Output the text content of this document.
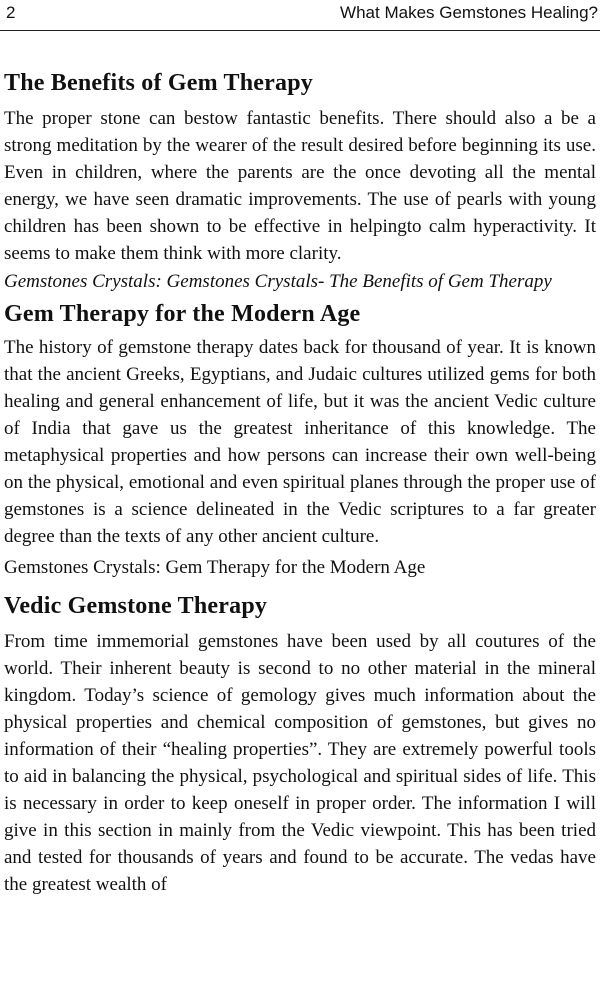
2	What Makes Gemstones Healing?
The Benefits of Gem Therapy

The proper stone can bestow fantastic benefits. There should also a be a strong meditation by the wearer of the result desired before beginning its use. Even in children, where the parents are the once devoting all the mental energy, we have seen dramatic improvements. The use of pearls with young children has been shown to be effective in helpingto calm hyperactivity. It seems to make them think with more clarity.

Gemstones Crystals: Gemstones Crystals- The Benefits of Gem Therapy

Gem Therapy for the Modern Age

The history of gemstone therapy dates back for thousand of year. It is known that the ancient Greeks, Egyptians, and Judaic cultures utilized gems for both healing and general enhancement of life, but it was the ancient Vedic culture of India that gave us the greatest inheritance of this knowledge. The metaphysical properties and how persons can increase their own well-being on the physical, emotional and even spiritual planes through the proper use of gemstones is a science delineated in the Vedic scriptures to a far greater degree than the texts of any other ancient culture.

Gemstones Crystals: Gem Therapy for the Modern Age

Vedic Gemstone Therapy

From time immemorial gemstones have been used by all coutures of the world. Their inherent beauty is second to no other material in the mineral kingdom. Today’s science of gemology gives much information about the physical properties and chemical composition of gemstones, but gives no information of their “healing properties”. They are extremely powerful tools to aid in balancing the physical, psychological and spiritual sides of life. This is necessary in order to keep oneself in proper order. The information I will give in this section in mainly from the Vedic viewpoint. This has been tried and tested for thousands of years and found to be accurate. The vedas have the greatest wealth of
